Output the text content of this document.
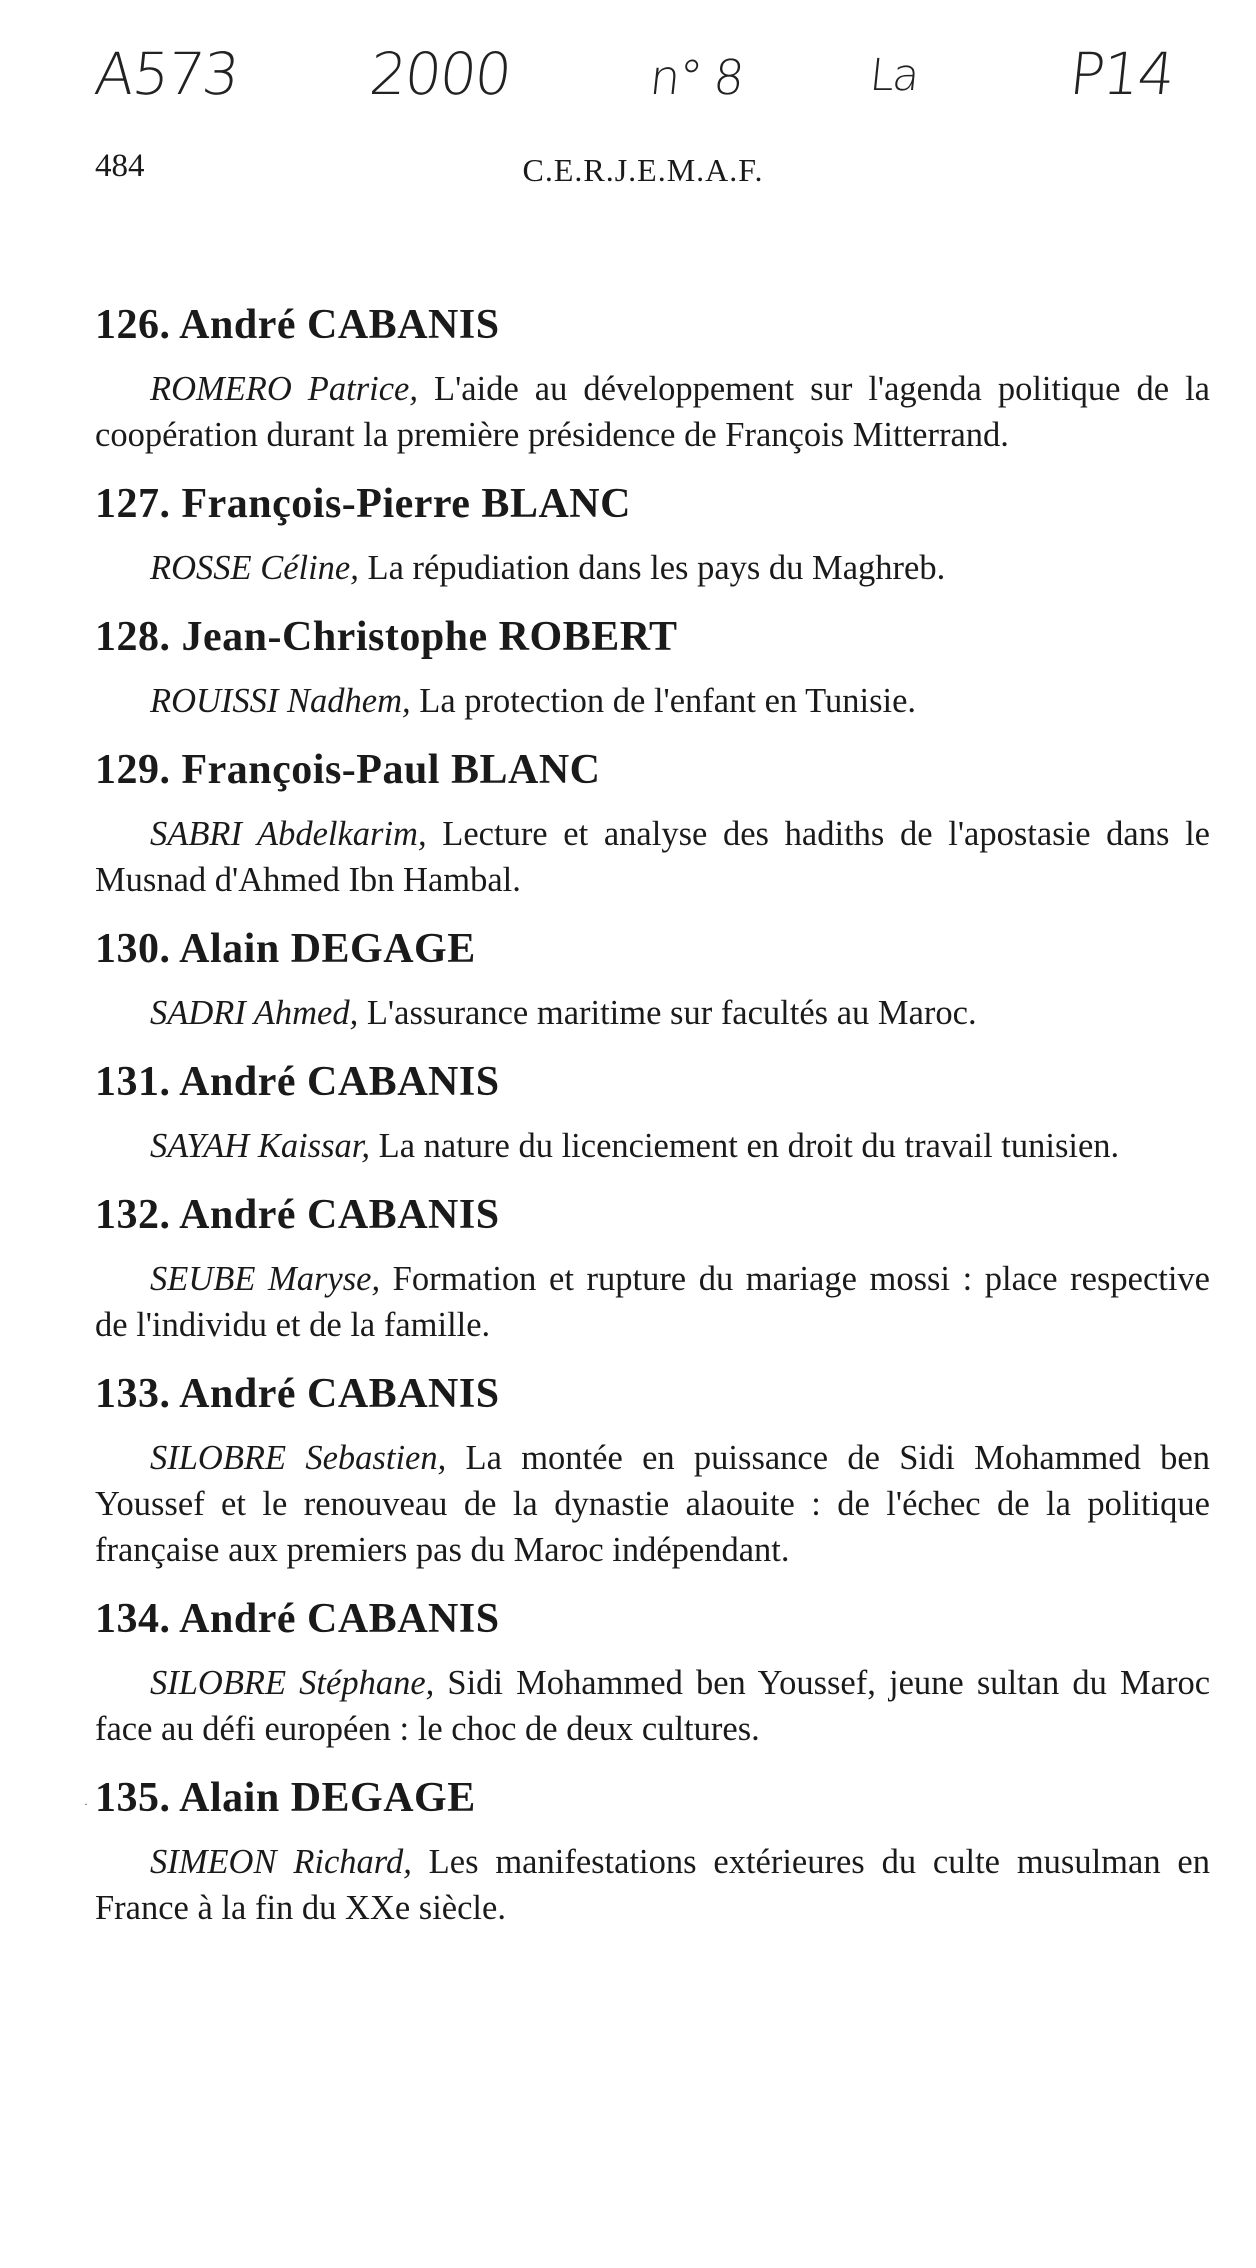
A573 2000	n° 8	La	P14
484	C.E.R.J.E.M.A.F.
·
126. André CABANIS

ROMERO Patrice, L'aide au développement sur l'agenda politique de la coopération durant la première présidence de François Mitterrand.

127. François-Pierre BLANC

ROSSE Céline, La répudiation dans les pays du Maghreb.

128. Jean-Christophe ROBERT

ROUISSI Nadhem, La protection de l'enfant en Tunisie.

129. François-Paul BLANC

SABRI Abdelkarim, Lecture et analyse des hadiths de l'apostasie dans le Musnad d'Ahmed Ibn Hambal.

130. Alain DEGAGE

SADRI Ahmed, L'assurance maritime sur facultés au Maroc.

131. André CABANIS

SAYAH Kaissar, La nature du licenciement en droit du travail tunisien.

132. André CABANIS

SEUBE Maryse, Formation et rupture du mariage mossi : place respective de l'individu et de la famille.

133. André CABANIS

SILOBRE Sebastien, La montée en puissance de Sidi Mohammed ben Youssef et le renouveau de la dynastie alaouite : de l'échec de la politique française aux premiers pas du Maroc indépendant.

134. André CABANIS

SILOBRE Stéphane, Sidi Mohammed ben Youssef, jeune sultan du Maroc face au défi européen : le choc de deux cultures.

135. Alain DEGAGE

SIMEON Richard, Les manifestations extérieures du culte musulman en France à la fin du XXe siècle.
